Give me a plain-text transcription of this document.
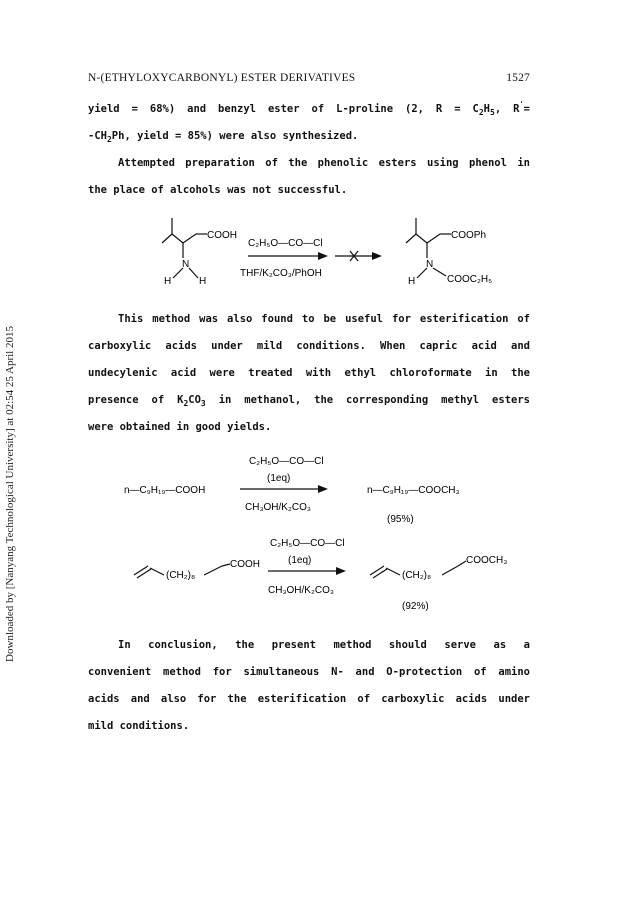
Downloaded by [Nanyang Technological University] at 02:54 25 April 2015
N-(ETHYLOXYCARBONYL) ESTER DERIVATIVES	1527
yield = 68%) and benzyl ester of L-proline (2, $R = C_2H_5$, R'=
$-CH_2Ph$, yield = 85%) were also synthesized.
Attempted preparation of the phenolic esters using phenol in
the place of alcohols was not successful.
COOH
N
H	H
C₂H₅O—CO—Cl
THF/K₂CO₃/PhOH
COOPh
N
H	COOC₂H₅
This method was also found to be useful for esterification of
carboxylic acids under mild conditions. When capric acid and
undecylenic acid were treated with ethyl chloroformate in the
presence of $K_2CO_3$ in methanol, the corresponding methyl esters
were obtained in good yields.
C₂H₅O—CO—Cl
(1eq)
CH₃OH/K₂CO₃
n—C₉H₁₉—COOH	n—C₉H₁₉—COOCH₃
(95%)
C₂H₅O—CO—Cl
(1eq)
CH₃OH/K₂CO₃
(CH₂)₈
COOH
(CH₂)₈
COOCH₃
(92%)
In conclusion, the present method should serve as a
convenient method for simultaneous N- and O-protection of amino
acids and also for the esterification of carboxylic acids under
mild conditions.
